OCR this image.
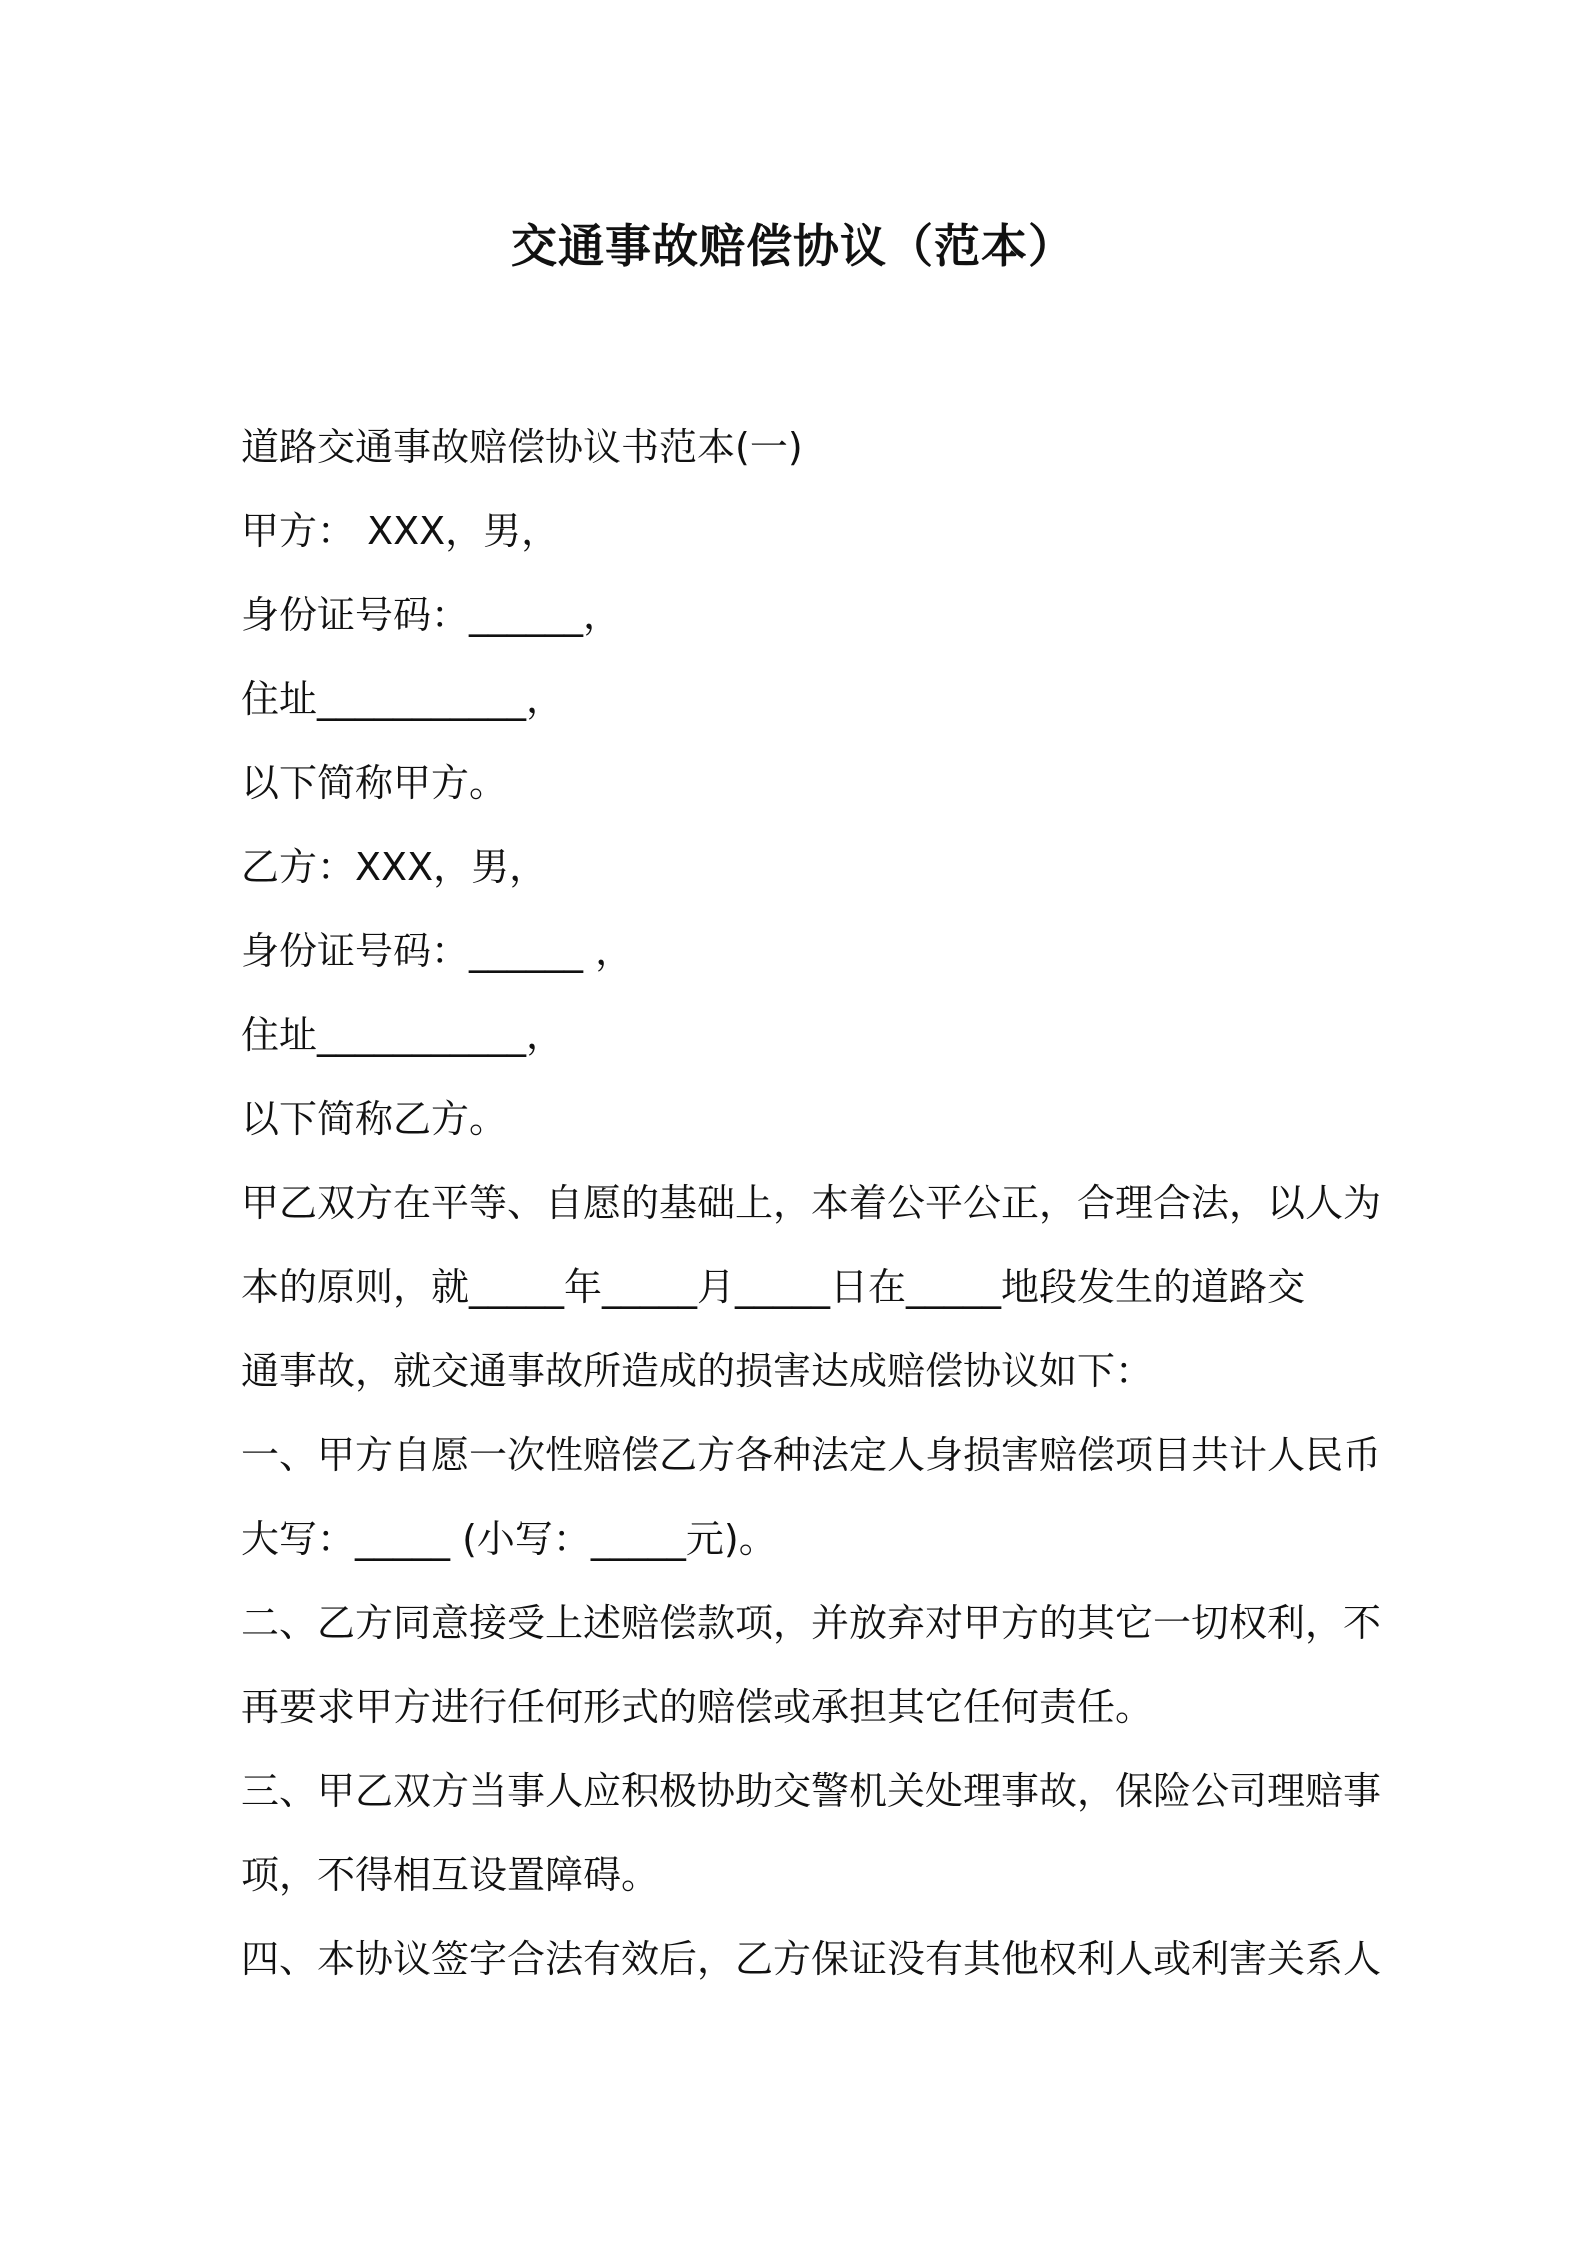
交通事故赔偿协议（范本）
道路交通事故赔偿协议书范本(一)
甲方： XXX，男，
身份证号码：______，
住址___________，
以下简称甲方。
乙方：XXX，男，
身份证号码：______ ，
住址___________，
以下简称乙方。
甲乙双方在平等、自愿的基础上，本着公平公正，合理合法，以人为
本的原则，就_____年_____月_____日在_____地段发生的道路交
通事故，就交通事故所造成的损害达成赔偿协议如下：
一、甲方自愿一次性赔偿乙方各种法定人身损害赔偿项目共计人民币
大写：_____ (小写：_____元)。
二、乙方同意接受上述赔偿款项，并放弃对甲方的其它一切权利，不
再要求甲方进行任何形式的赔偿或承担其它任何责任。
三、甲乙双方当事人应积极协助交警机关处理事故，保险公司理赔事
项，不得相互设置障碍。
四、本协议签字合法有效后，乙方保证没有其他权利人或利害关系人
